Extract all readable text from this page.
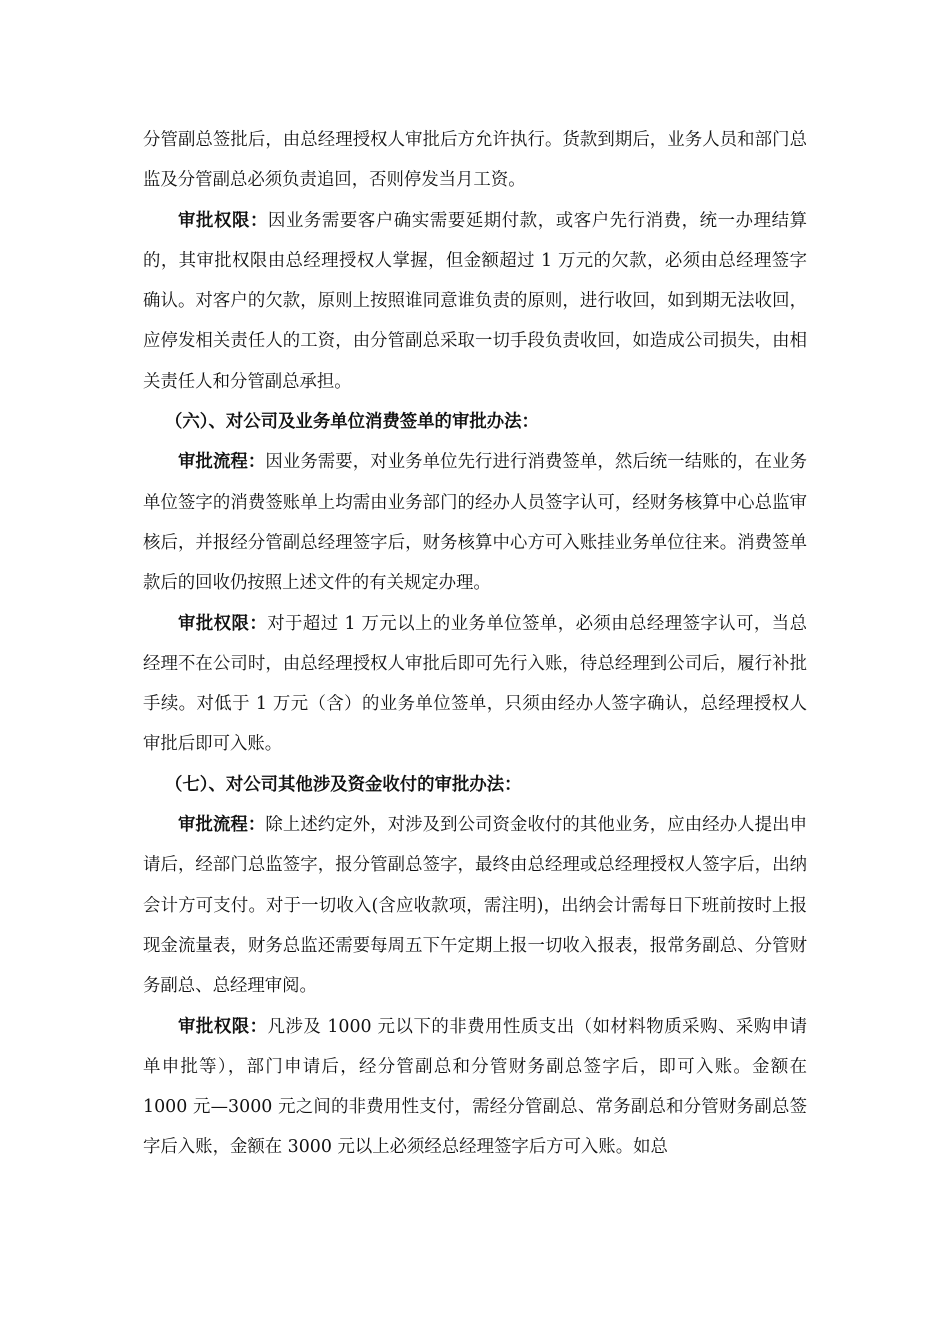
分管副总签批后，由总经理授权人审批后方允许执行。货款到期后，业务人员和部门总监及分管副总必须负责追回，否则停发当月工资。

审批权限：因业务需要客户确实需要延期付款，或客户先行消费，统一办理结算的，其审批权限由总经理授权人掌握，但金额超过 1 万元的欠款，必须由总经理签字确认。对客户的欠款，原则上按照谁同意谁负责的原则，进行收回，如到期无法收回，应停发相关责任人的工资，由分管副总采取一切手段负责收回，如造成公司损失，由相关责任人和分管副总承担。

（六）、对公司及业务单位消费签单的审批办法：

审批流程：因业务需要，对业务单位先行进行消费签单，然后统一结账的，在业务单位签字的消费签账单上均需由业务部门的经办人员签字认可，经财务核算中心总监审核后，并报经分管副总经理签字后，财务核算中心方可入账挂业务单位往来。消费签单款后的回收仍按照上述文件的有关规定办理。

审批权限：对于超过 1 万元以上的业务单位签单，必须由总经理签字认可，当总经理不在公司时，由总经理授权人审批后即可先行入账，待总经理到公司后，履行补批手续。对低于 1 万元（含）的业务单位签单，只须由经办人签字确认，总经理授权人审批后即可入账。

（七）、对公司其他涉及资金收付的审批办法：

审批流程：除上述约定外，对涉及到公司资金收付的其他业务，应由经办人提出申请后，经部门总监签字，报分管副总签字，最终由总经理或总经理授权人签字后，出纳会计方可支付。对于一切收入(含应收款项，需注明)，出纳会计需每日下班前按时上报现金流量表，财务总监还需要每周五下午定期上报一切收入报表，报常务副总、分管财务副总、总经理审阅。

审批权限：凡涉及 1000 元以下的非费用性质支出（如材料物质采购、采购申请单申批等），部门申请后，经分管副总和分管财务副总签字后，即可入账。金额在 1000 元—3000 元之间的非费用性支付，需经分管副总、常务副总和分管财务副总签字后入账，金额在 3000 元以上必须经总经理签字后方可入账。如总
